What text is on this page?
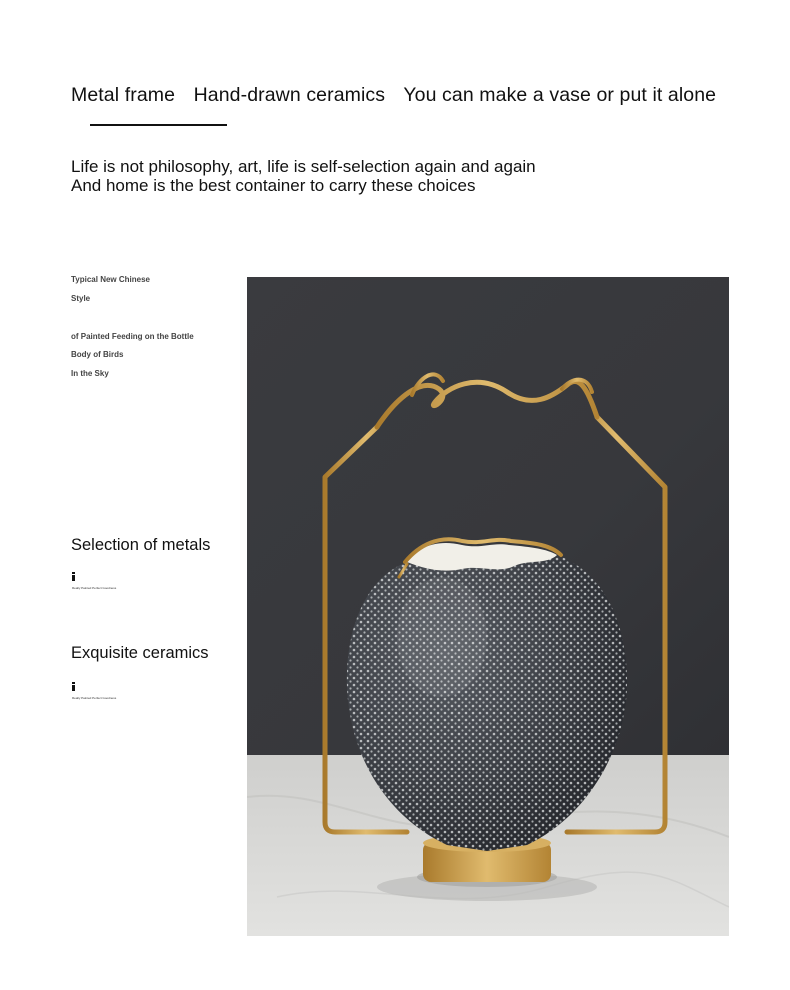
Metal frame Hand-drawn ceramics You can make a vase or put it alone
Life is not philosophy, art, life is self-selection again and again
And home is the best container to carry these choices
Typical New Chinese
Style
of Painted Feeding on the Bottle
Body of Birds
In the Sky
Selection of metals
Really Painted Perfect Goodness
Exquisite ceramics
Really Painted Perfect Goodness
